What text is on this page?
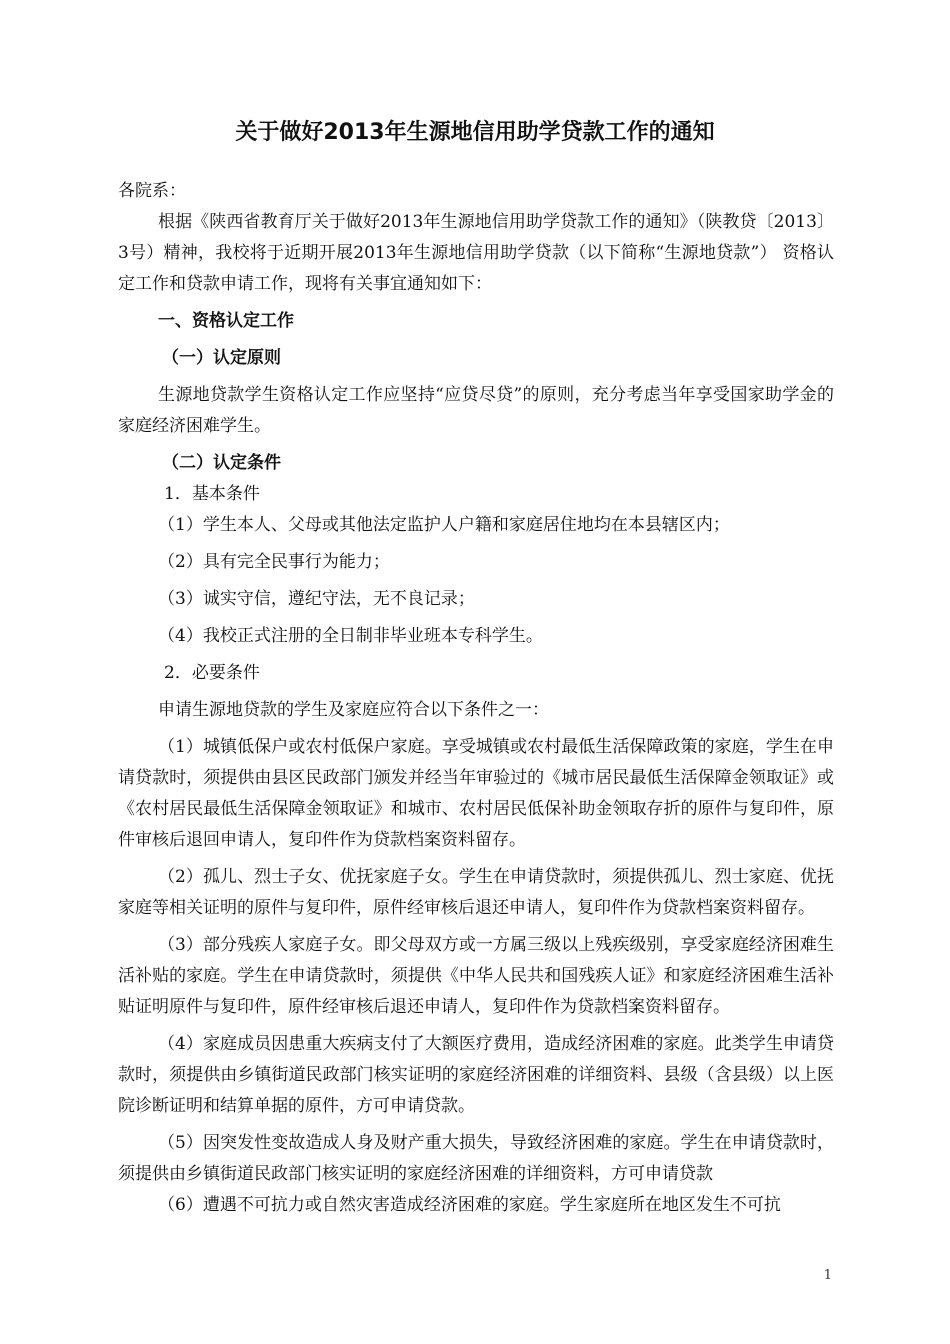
关于做好2013年生源地信用助学贷款工作的通知

各院系：

根据《陕西省教育厅关于做好2013年生源地信用助学贷款工作的通知》（陕教贷〔2013〕3号）精神，我校将于近期开展2013年生源地信用助学贷款（以下简称“生源地贷款”） 资格认定工作和贷款申请工作，现将有关事宜通知如下：

一、资格认定工作

（一）认定原则

生源地贷款学生资格认定工作应坚持“应贷尽贷”的原则，充分考虑当年享受国家助学金的家庭经济困难学生。

（二）认定条件

1．基本条件

（1）学生本人、父母或其他法定监护人户籍和家庭居住地均在本县辖区内；

（2）具有完全民事行为能力；

（3）诚实守信，遵纪守法，无不良记录；

（4）我校正式注册的全日制非毕业班本专科学生。

2．必要条件

申请生源地贷款的学生及家庭应符合以下条件之一：

（1）城镇低保户或农村低保户家庭。享受城镇或农村最低生活保障政策的家庭，学生在申请贷款时，须提供由县区民政部门颁发并经当年审验过的《城市居民最低生活保障金领取证》或《农村居民最低生活保障金领取证》和城市、农村居民低保补助金领取存折的原件与复印件，原件审核后退回申请人，复印件作为贷款档案资料留存。

（2）孤儿、烈士子女、优抚家庭子女。学生在申请贷款时，须提供孤儿、烈士家庭、优抚家庭等相关证明的原件与复印件，原件经审核后退还申请人，复印件作为贷款档案资料留存。

（3）部分残疾人家庭子女。即父母双方或一方属三级以上残疾级别，享受家庭经济困难生活补贴的家庭。学生在申请贷款时，须提供《中华人民共和国残疾人证》和家庭经济困难生活补贴证明原件与复印件，原件经审核后退还申请人，复印件作为贷款档案资料留存。

（4）家庭成员因患重大疾病支付了大额医疗费用，造成经济困难的家庭。此类学生申请贷款时，须提供由乡镇街道民政部门核实证明的家庭经济困难的详细资料、县级（含县级）以上医院诊断证明和结算单据的原件，方可申请贷款。

（5）因突发性变故造成人身及财产重大损失，导致经济困难的家庭。学生在申请贷款时，须提供由乡镇街道民政部门核实证明的家庭经济困难的详细资料，方可申请贷款

（6）遭遇不可抗力或自然灾害造成经济困难的家庭。学生家庭所在地区发生不可抗

1
